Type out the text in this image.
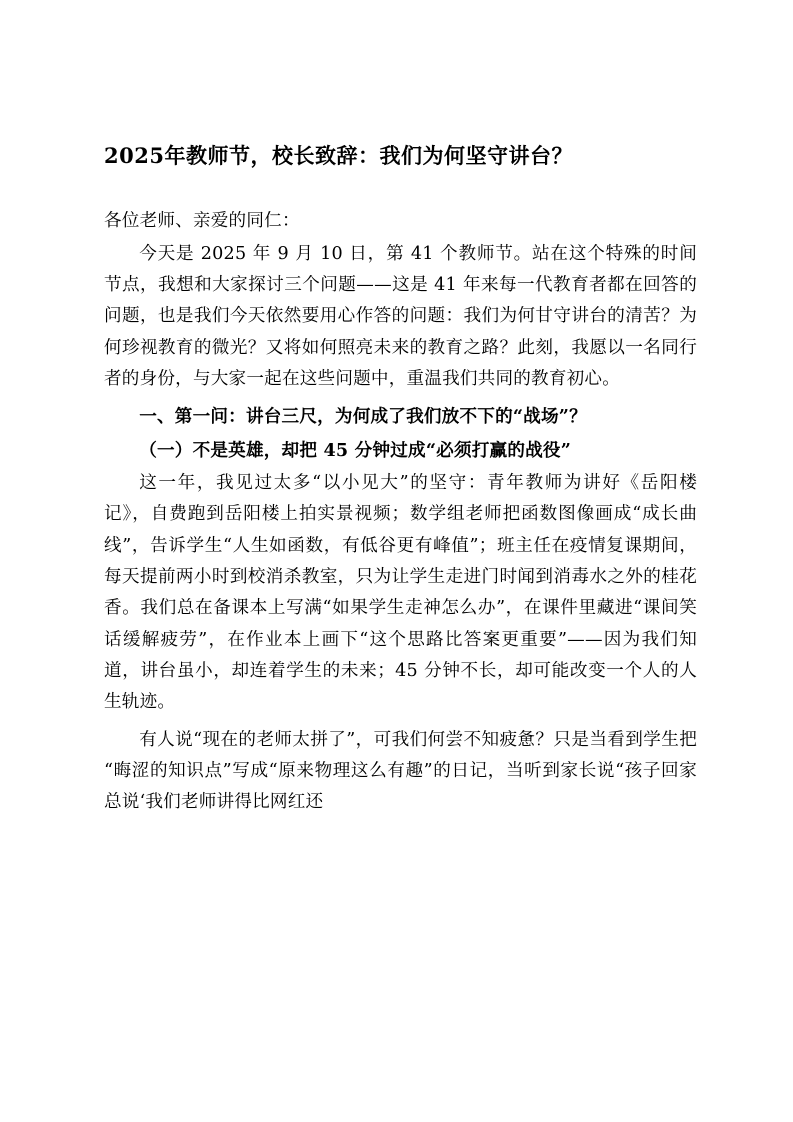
2025年教师节，校长致辞：我们为何坚守讲台？

各位老师、亲爱的同仁：

今天是 2025 年 9 月 10 日，第 41 个教师节。站在这个特殊的时间节点，我想和大家探讨三个问题——这是 41 年来每一代教育者都在回答的问题，也是我们今天依然要用心作答的问题：我们为何甘守讲台的清苦？为何珍视教育的微光？又将如何照亮未来的教育之路？此刻，我愿以一名同行者的身份，与大家一起在这些问题中，重温我们共同的教育初心。

一、第一问：讲台三尺，为何成了我们放不下的“战场”？

（一）不是英雄，却把 45 分钟过成“必须打赢的战役”

这一年，我见过太多“以小见大”的坚守：青年教师为讲好《岳阳楼记》，自费跑到岳阳楼上拍实景视频；数学组老师把函数图像画成“成长曲线”，告诉学生“人生如函数，有低谷更有峰值”；班主任在疫情复课期间，每天提前两小时到校消杀教室，只为让学生走进门时闻到消毒水之外的桂花香。我们总在备课本上写满“如果学生走神怎么办”，在课件里藏进“课间笑话缓解疲劳”，在作业本上画下“这个思路比答案更重要”——因为我们知道，讲台虽小，却连着学生的未来；45 分钟不长，却可能改变一个人的人生轨迹。

有人说“现在的老师太拼了”，可我们何尝不知疲惫？只是当看到学生把“晦涩的知识点”写成“原来物理这么有趣”的日记，当听到家长说“孩子回家总说‘我们老师讲得比网红还
